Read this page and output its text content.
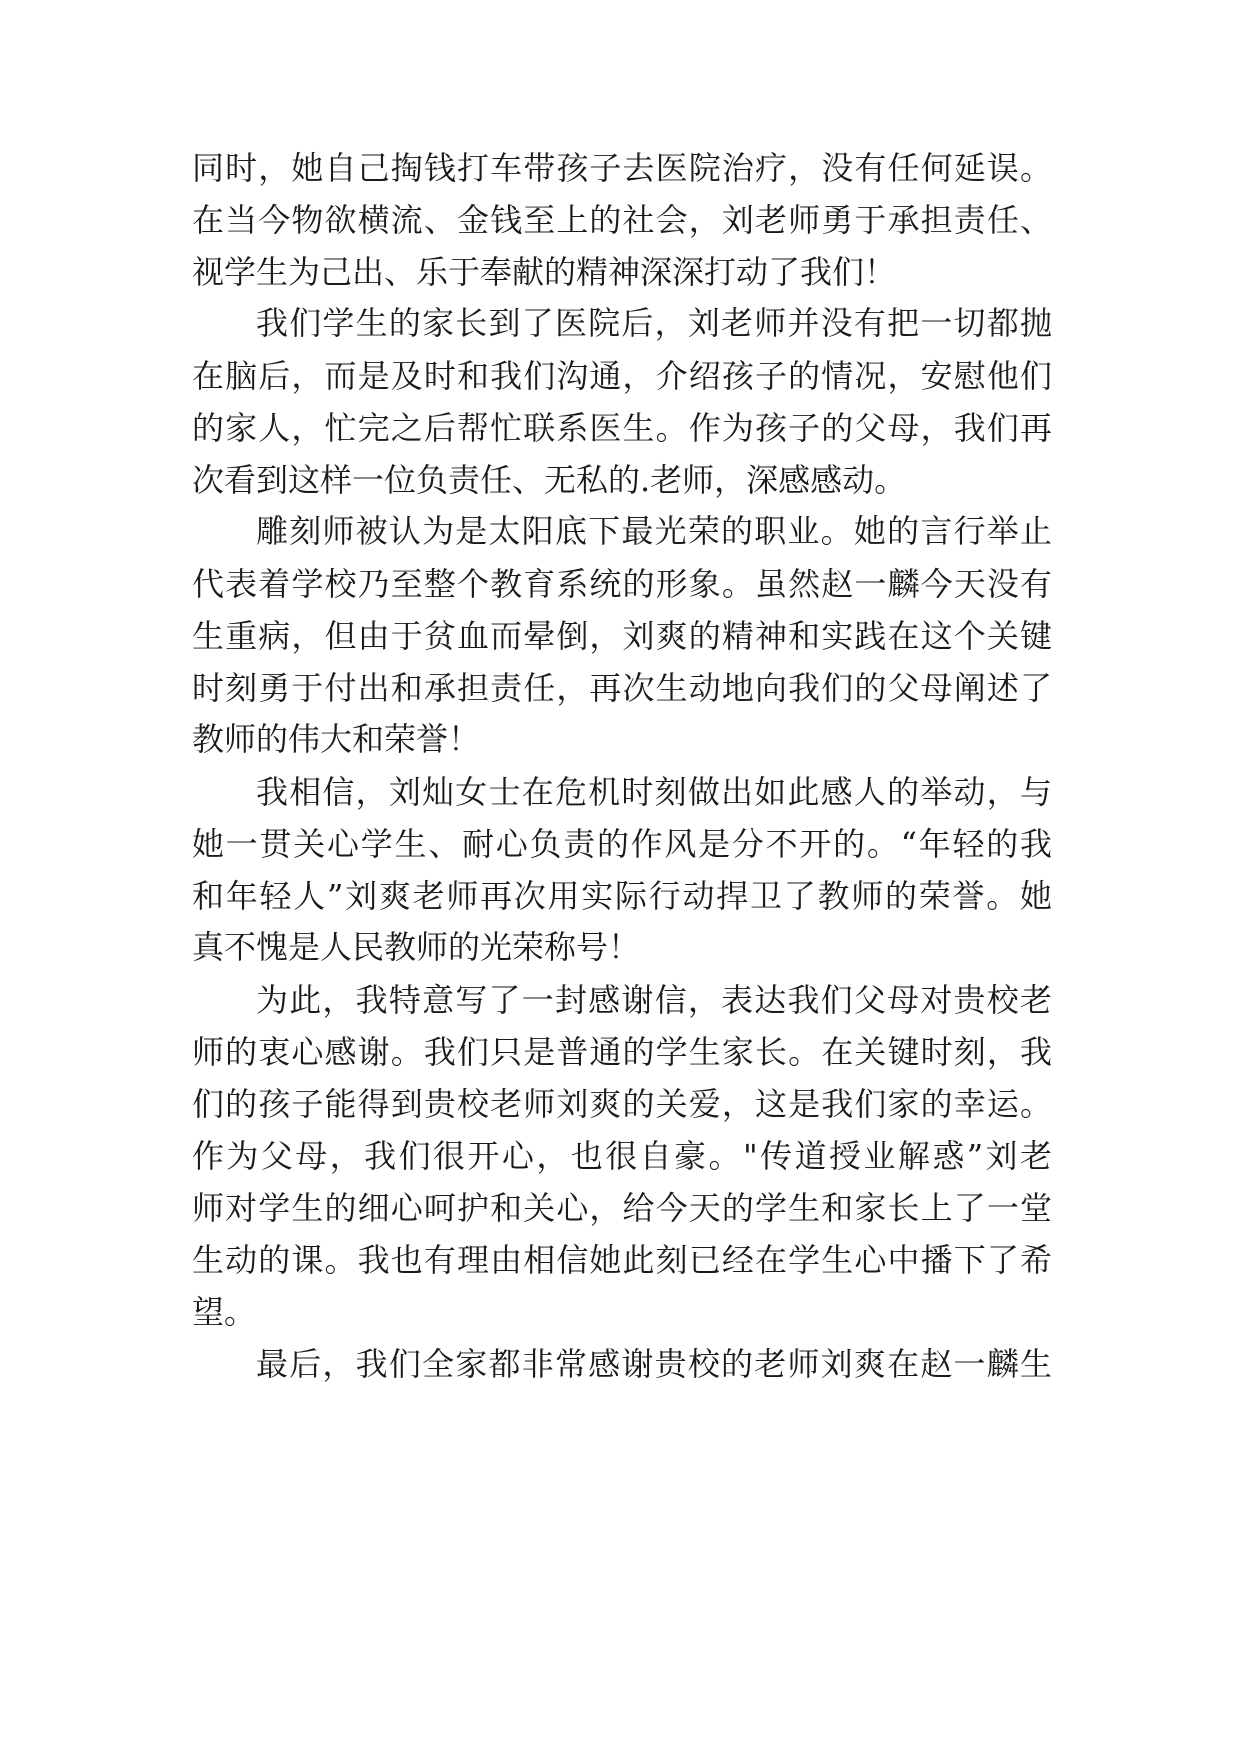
同时，她自己掏钱打车带孩子去医院治疗，没有任何延误。
在当今物欲横流、金钱至上的社会，刘老师勇于承担责任、
视学生为己出、乐于奉献的精神深深打动了我们！
我们学生的家长到了医院后，刘老师并没有把一切都抛
在脑后，而是及时和我们沟通，介绍孩子的情况，安慰他们
的家人，忙完之后帮忙联系医生。作为孩子的父母，我们再
次看到这样一位负责任、无私的.老师，深感感动。
雕刻师被认为是太阳底下最光荣的职业。她的言行举止
代表着学校乃至整个教育系统的形象。虽然赵一麟今天没有
生重病，但由于贫血而晕倒，刘爽的精神和实践在这个关键
时刻勇于付出和承担责任，再次生动地向我们的父母阐述了
教师的伟大和荣誉！
我相信，刘灿女士在危机时刻做出如此感人的举动，与
她一贯关心学生、耐心负责的作风是分不开的。“年轻的我
和年轻人”刘爽老师再次用实际行动捍卫了教师的荣誉。她
真不愧是人民教师的光荣称号！
为此，我特意写了一封感谢信，表达我们父母对贵校老
师的衷心感谢。我们只是普通的学生家长。在关键时刻，我
们的孩子能得到贵校老师刘爽的关爱，这是我们家的幸运。
作为父母，我们很开心，也很自豪。"传道授业解惑”刘老
师对学生的细心呵护和关心，给今天的学生和家长上了一堂
生动的课。我也有理由相信她此刻已经在学生心中播下了希
望。
最后，我们全家都非常感谢贵校的老师刘爽在赵一麟生
